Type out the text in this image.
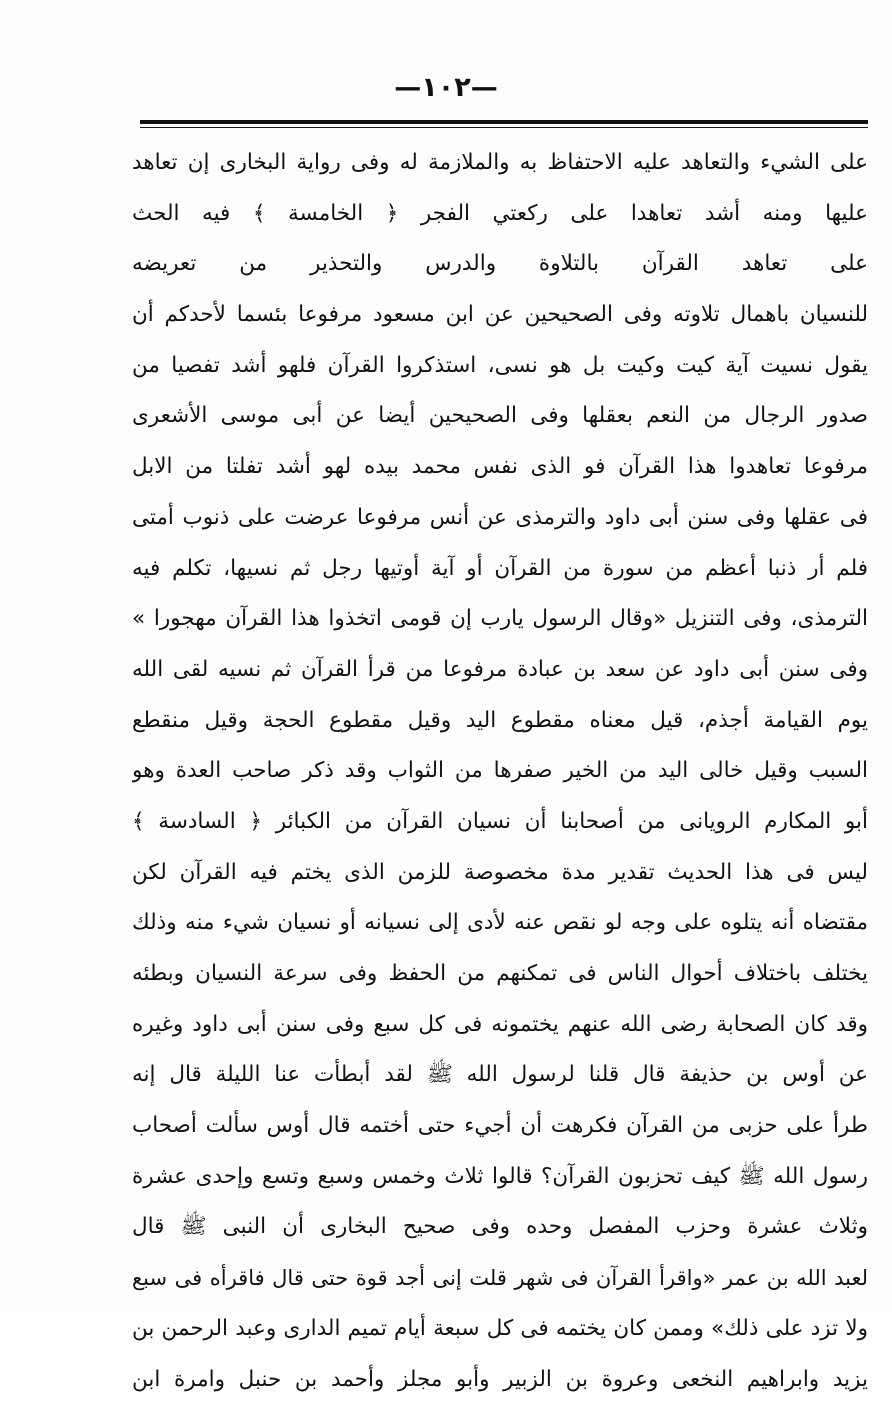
—١٠٢—
على الشيء والتعاهد عليه الاحتفاظ به والملازمة له وفى رواية البخارى إن تعاهد
عليها ومنه أشد تعاهدا على ركعتي الفجر ﴿ الخامسة ﴾ فيه الحث
على تعاهد القرآن بالتلاوة والدرس والتحذير من تعريضه
للنسيان باهمال تلاوته وفى الصحيحين عن ابن مسعود مرفوعا بئسما لأحدكم أن
يقول نسيت آية كيت وكيت بل هو نسى، استذكروا القرآن فلهو أشد تفصيا من
صدور الرجال من النعم بعقلها وفى الصحيحين أيضا عن أبى موسى الأشعرى
مرفوعا تعاهدوا هذا القرآن فو الذى نفس محمد بيده لهو أشد تفلتا من الابل
فى عقلها وفى سنن أبى داود والترمذى عن أنس مرفوعا عرضت على ذنوب أمتى
فلم أر ذنبا أعظم من سورة من القرآن أو آية أوتيها رجل ثم نسيها، تكلم فيه
الترمذى، وفى التنزيل «وقال الرسول يارب إن قومى اتخذوا هذا القرآن مهجورا »
وفى سنن أبى داود عن سعد بن عبادة مرفوعا من قرأ القرآن ثم نسيه لقى الله
يوم القيامة أجذم، قيل معناه مقطوع اليد وقيل مقطوع الحجة وقيل منقطع
السبب وقيل خالى اليد من الخير صفرها من الثواب وقد ذكر صاحب العدة وهو
أبو المكارم الرويانى من أصحابنا أن نسيان القرآن من الكبائر ﴿ السادسة ﴾
ليس فى هذا الحديث تقدير مدة مخصوصة للزمن الذى يختم فيه القرآن لكن
مقتضاه أنه يتلوه على وجه لو نقص عنه لأدى إلى نسيانه أو نسيان شيء منه وذلك
يختلف باختلاف أحوال الناس فى تمكنهم من الحفظ وفى سرعة النسيان وبطئه
وقد كان الصحابة رضى الله عنهم يختمونه فى كل سبع وفى سنن أبى داود وغيره
عن أوس بن حذيفة قال قلنا لرسول الله ﷺ لقد أبطأت عنا الليلة قال إنه
طرأ على حزبى من القرآن فكرهت أن أجيء حتى أختمه قال أوس سألت أصحاب
رسول الله ﷺ كيف تحزبون القرآن؟ قالوا ثلاث وخمس وسبع وتسع وإحدى عشرة
وثلاث عشرة وحزب المفصل وحده وفى صحيح البخارى أن النبى ﷺ قال
لعبد الله بن عمر «واقرأ القرآن فى شهر قلت إنى أجد قوة حتى قال فاقرأه فى سبع
ولا تزد على ذلك» وممن كان يختمه فى كل سبعة أيام تميم الدارى وعبد الرحمن بن
يزيد وابراهيم النخعى وعروة بن الزبير وأبو مجلز وأحمد بن حنبل وامرة ابن
